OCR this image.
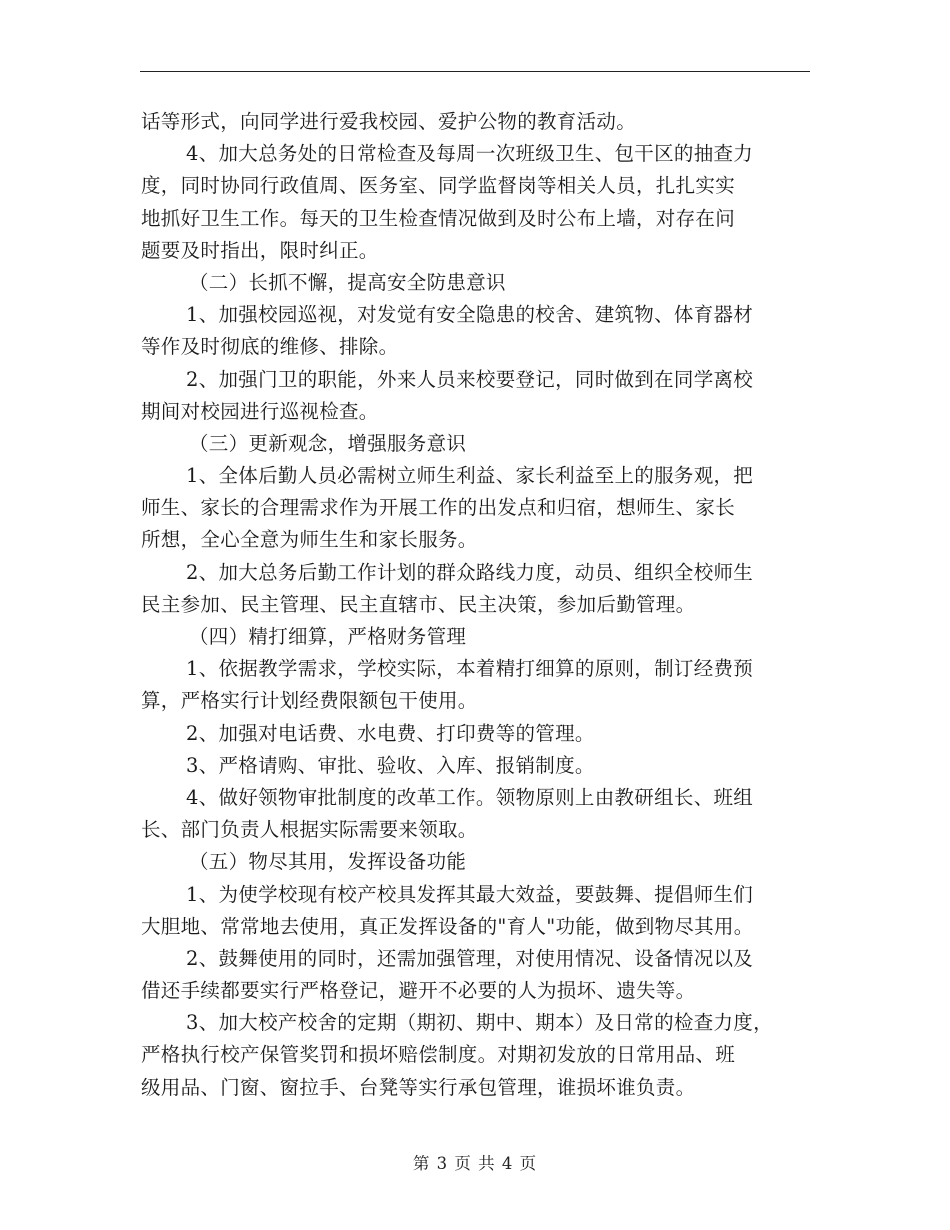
话等形式，向同学进行爱我校园、爱护公物的教育活动。
4、加大总务处的日常检查及每周一次班级卫生、包干区的抽查力
度，同时协同行政值周、医务室、同学监督岗等相关人员，扎扎实实
地抓好卫生工作。每天的卫生检查情况做到及时公布上墙，对存在问
题要及时指出，限时纠正。
（二）长抓不懈，提高安全防患意识
1、加强校园巡视，对发觉有安全隐患的校舍、建筑物、体育器材
等作及时彻底的维修、排除。
2、加强门卫的职能，外来人员来校要登记，同时做到在同学离校
期间对校园进行巡视检查。
（三）更新观念，增强服务意识
1、全体后勤人员必需树立师生利益、家长利益至上的服务观，把
师生、家长的合理需求作为开展工作的出发点和归宿，想师生、家长
所想，全心全意为师生生和家长服务。
2、加大总务后勤工作计划的群众路线力度，动员、组织全校师生
民主参加、民主管理、民主直辖市、民主决策，参加后勤管理。
（四）精打细算，严格财务管理
1、依据教学需求，学校实际，本着精打细算的原则，制订经费预
算，严格实行计划经费限额包干使用。
2、加强对电话费、水电费、打印费等的管理。
3、严格请购、审批、验收、入库、报销制度。
4、做好领物审批制度的改革工作。领物原则上由教研组长、班组
长、部门负责人根据实际需要来领取。
（五）物尽其用，发挥设备功能
1、为使学校现有校产校具发挥其最大效益，要鼓舞、提倡师生们
大胆地、常常地去使用，真正发挥设备的"育人"功能，做到物尽其用。
2、鼓舞使用的同时，还需加强管理，对使用情况、设备情况以及
借还手续都要实行严格登记，避开不必要的人为损坏、遗失等。
3、加大校产校舍的定期（期初、期中、期本）及日常的检查力度，
严格执行校产保管奖罚和损坏赔偿制度。对期初发放的日常用品、班
级用品、门窗、窗拉手、台凳等实行承包管理，谁损坏谁负责。
第 3 页 共 4 页
